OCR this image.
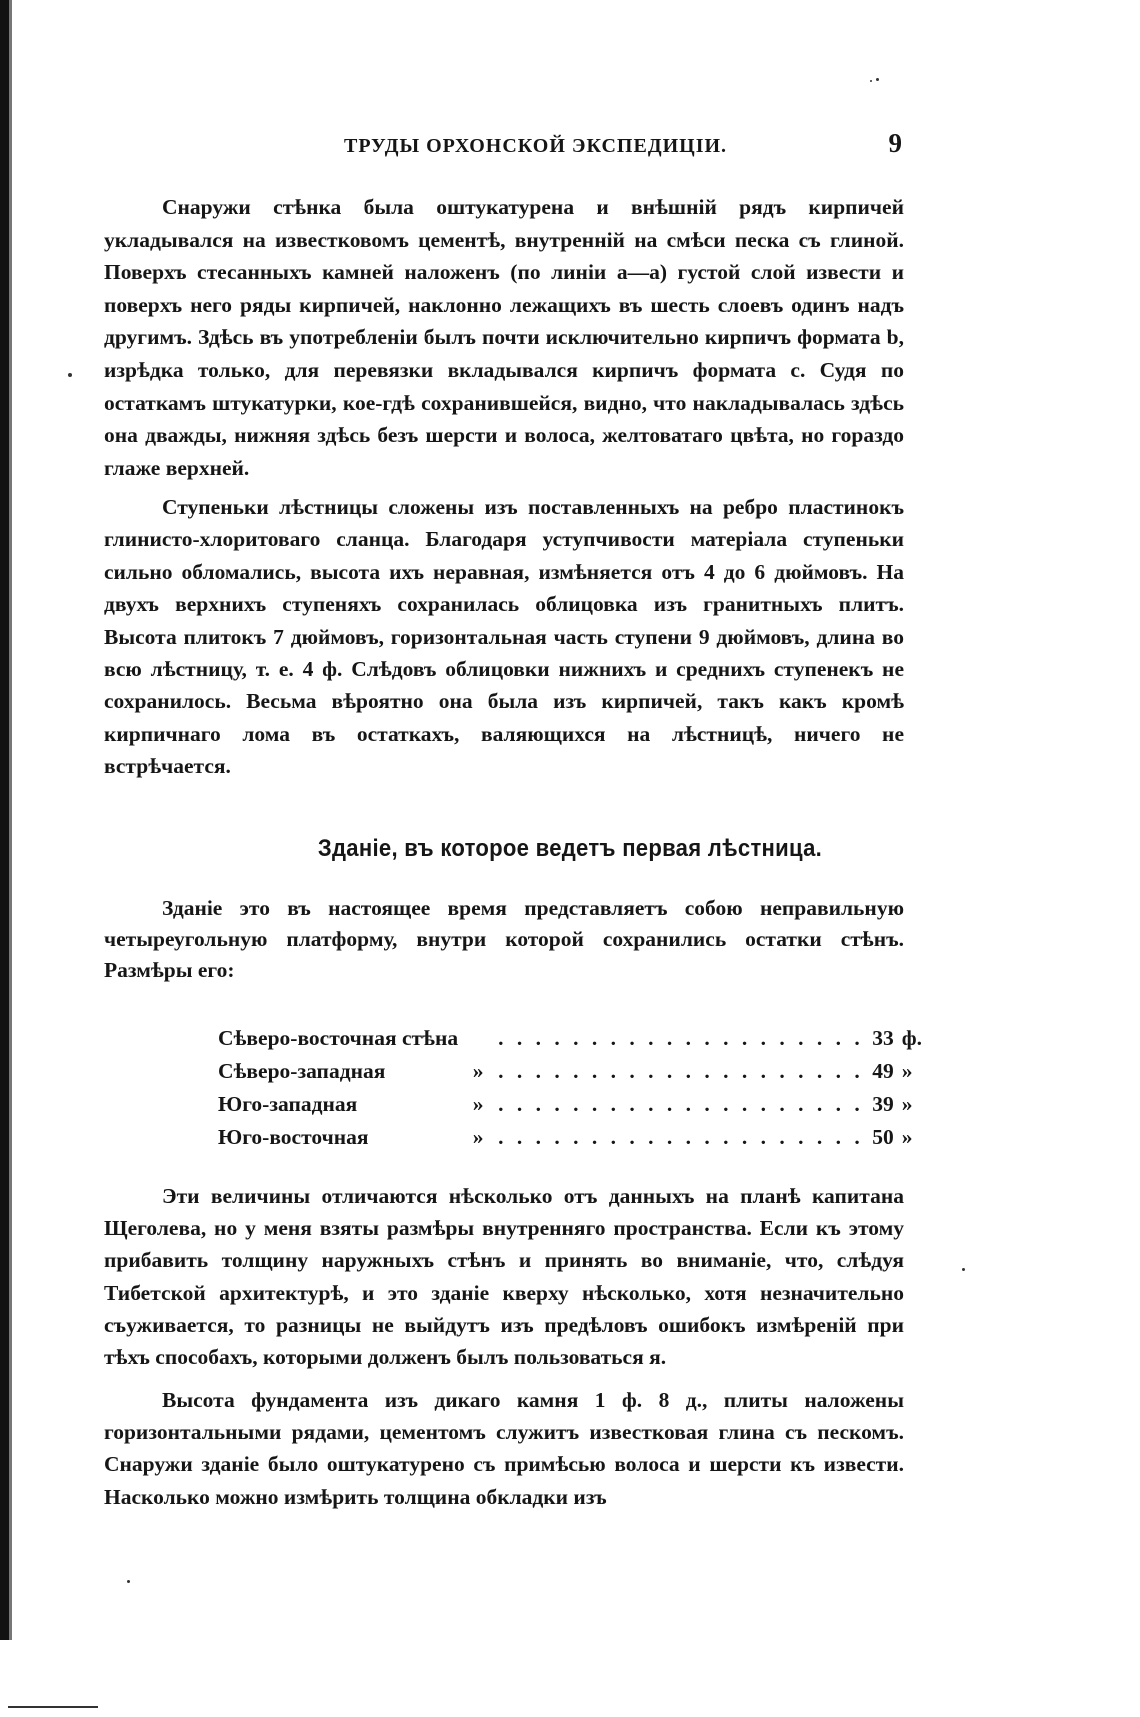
ТРУДЫ ОРХОНСКОЙ ЭКСПЕДИЦІИ.	9
Снаружи стѣнка была оштукатурена и внѣшній рядъ кирпичей укладывался на известковомъ цементѣ, внутренній на смѣси песка съ глиной. Поверхъ стесанныхъ камней наложенъ (по линіи a—a) густой слой извести и поверхъ него ряды кирпичей, наклонно лежащихъ въ шесть слоевъ одинъ надъ другимъ. Здѣсь въ употребленіи былъ почти исключительно кирпичъ формата b, изрѣдка только, для перевязки вкладывался кирпичъ формата c. Судя по остаткамъ штукатурки, кое-гдѣ сохранившейся, видно, что накладывалась здѣсь она дважды, нижняя здѣсь безъ шерсти и волоса, желтоватаго цвѣта, но гораздо глаже верхней.
Ступеньки лѣстницы сложены изъ поставленныхъ на ребро пластинокъ глинисто-хлоритоваго сланца. Благодаря уступчивости матеріала ступеньки сильно обломались, высота ихъ неравная, измѣняется отъ 4 до 6 дюймовъ. На двухъ верхнихъ ступеняхъ сохранилась облицовка изъ гранитныхъ плитъ. Высота плитокъ 7 дюймовъ, горизонтальная часть ступени 9 дюймовъ, длина во всю лѣстницу, т. е. 4 ф. Слѣдовъ облицовки нижнихъ и среднихъ ступенекъ не сохранилось. Весьма вѣроятно она была изъ кирпичей, такъ какъ кромѣ кирпичнаго лома въ остаткахъ, валяющихся на лѣстницѣ, ничего не встрѣчается.
Зданіе, въ которое ведетъ первая лѣстница.
Зданіе это въ настоящее время представляетъ собою неправильную четыреугольную платформу, внутри которой сохранились остатки стѣнъ. Размѣры его:
Сѣверо-восточная стѣна		. . .	33	ф.
Сѣверо-западная	»	. . .	49	»
Юго-западная	»	. . .	39	»
Юго-восточная	»	. . .	50	»
Эти величины отличаются нѣсколько отъ данныхъ на планѣ капитана Щеголева, но у меня взяты размѣры внутренняго пространства. Если къ этому прибавить толщину наружныхъ стѣнъ и принять во вниманіе, что, слѣдуя Тибетской архитектурѣ, и это зданіе кверху нѣсколько, хотя незначительно съуживается, то разницы не выйдутъ изъ предѣловъ ошибокъ измѣреній при тѣхъ способахъ, которыми долженъ былъ пользоваться я.
Высота фундамента изъ дикаго камня 1 ф. 8 д., плиты наложены горизонтальными рядами, цементомъ служитъ известковая глина съ пескомъ. Снаружи зданіе было оштукатурено съ примѣсью волоса и шерсти къ извести. Насколько можно измѣрить толщина обкладки изъ
